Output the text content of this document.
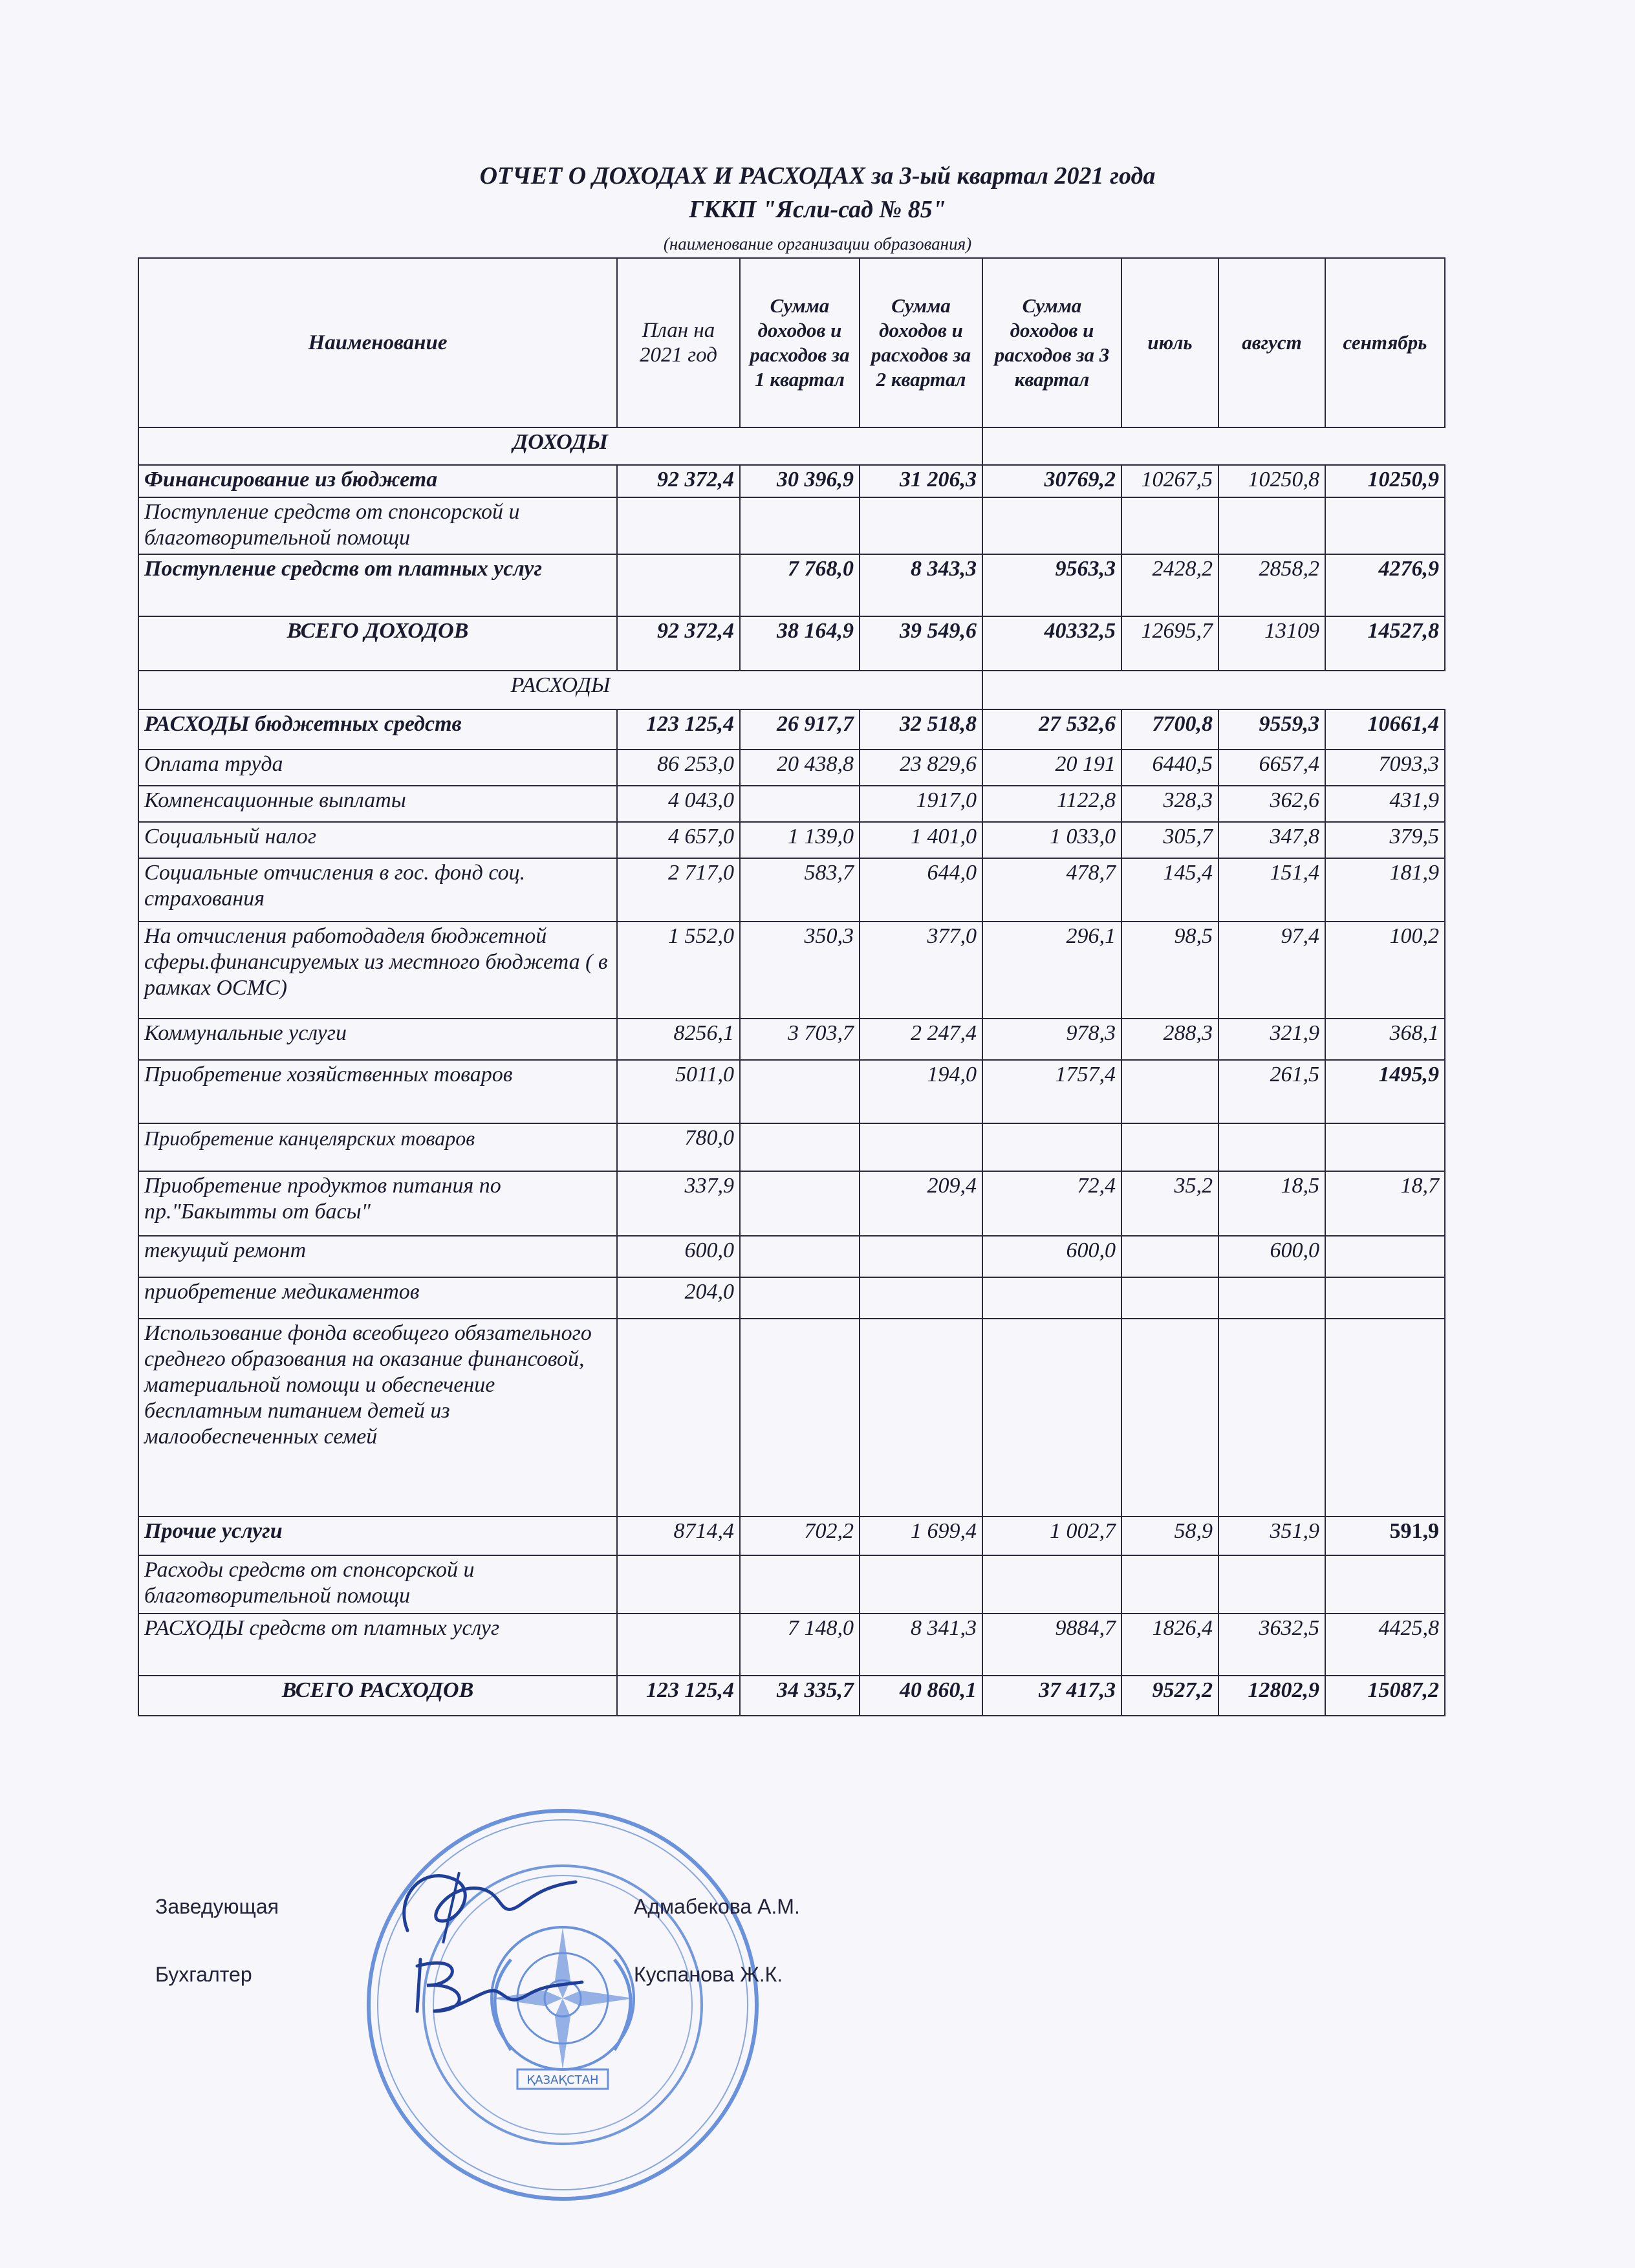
ОТЧЕТ О ДОХОДАХ И РАСХОДАХ за 3-ый квартал 2021 года
ГККП "Ясли-сад № 85"
(наименование организации образования)
Наименование	План на 2021 год	Сумма доходов и расходов за 1 квартал	Сумма доходов и расходов за 2 квартал	Сумма доходов и расходов за 3 квартал	июль	август	сентябрь
ДОХОДЫ							
Финансирование из бюджета	92 372,4	30 396,9	31 206,3	30769,2	10267,5	10250,8	10250,9
Поступление средств от спонсорской и благотворительной помощи							
Поступление средств от платных услуг		7 768,0	8 343,3	9563,3	2428,2	2858,2	4276,9
ВСЕГО ДОХОДОВ	92 372,4	38 164,9	39 549,6	40332,5	12695,7	13109	14527,8
РАСХОДЫ							
РАСХОДЫ бюджетных средств	123 125,4	26 917,7	32 518,8	27 532,6	7700,8	9559,3	10661,4
Оплата труда	86 253,0	20 438,8	23 829,6	20 191	6440,5	6657,4	7093,3
Компенсационные выплаты	4 043,0		1917,0	1122,8	328,3	362,6	431,9
Социальный налог	4 657,0	1 139,0	1 401,0	1 033,0	305,7	347,8	379,5
Социальные отчисления в гос. фонд соц. страхования	2 717,0	583,7	644,0	478,7	145,4	151,4	181,9
На отчисления работодаделя бюджетной сферы.финансируемых из местного бюджета ( в рамках ОСМС)	1 552,0	350,3	377,0	296,1	98,5	97,4	100,2
Коммунальные услуги	8256,1	3 703,7	2 247,4	978,3	288,3	321,9	368,1
Приобретение хозяйственных товаров	5011,0		194,0	1757,4		261,5	1495,9
Приобретение канцелярских товаров	780,0						
Приобретение продуктов питания по пр."Бакытты от басы"	337,9		209,4	72,4	35,2	18,5	18,7
текущий ремонт	600,0			600,0		600,0	
приобретение медикаментов	204,0						
Использование фонда всеобщего обязательного среднего образования на оказание финансовой, материальной помощи и обеспечение бесплатным питанием детей из малообеспеченных семей							
Прочие услуги	8714,4	702,2	1 699,4	1 002,7	58,9	351,9	591,9
Расходы средств от спонсорской и благотворительной помощи							
РАСХОДЫ средств от платных услуг		7 148,0	8 341,3	9884,7	1826,4	3632,5	4425,8
ВСЕГО РАСХОДОВ	123 125,4	34 335,7	40 860,1	37 417,3	9527,2	12802,9	15087,2
ҚАЗАҚСТАН
Заведующая	Адмабекова А.М.
Бухгалтер	Куспанова Ж.К.
